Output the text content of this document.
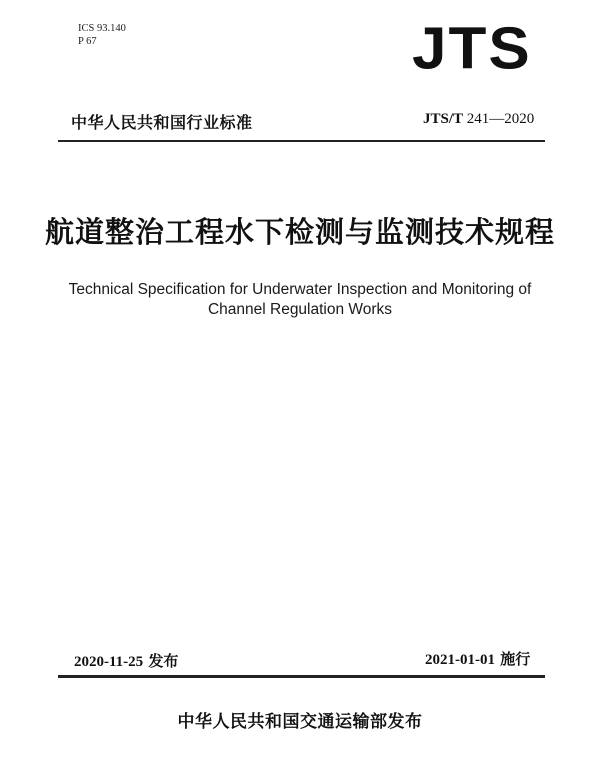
ICS 93.140
P 67	JTS
中华人民共和国行业标准	JTS/T 241—2020
航道整治工程水下检测与监测技术规程
Technical Specification for Underwater Inspection and Monitoring of
Channel Regulation Works
2020-11-25 发布	2021-01-01 施行
中华人民共和国交通运输部发布
